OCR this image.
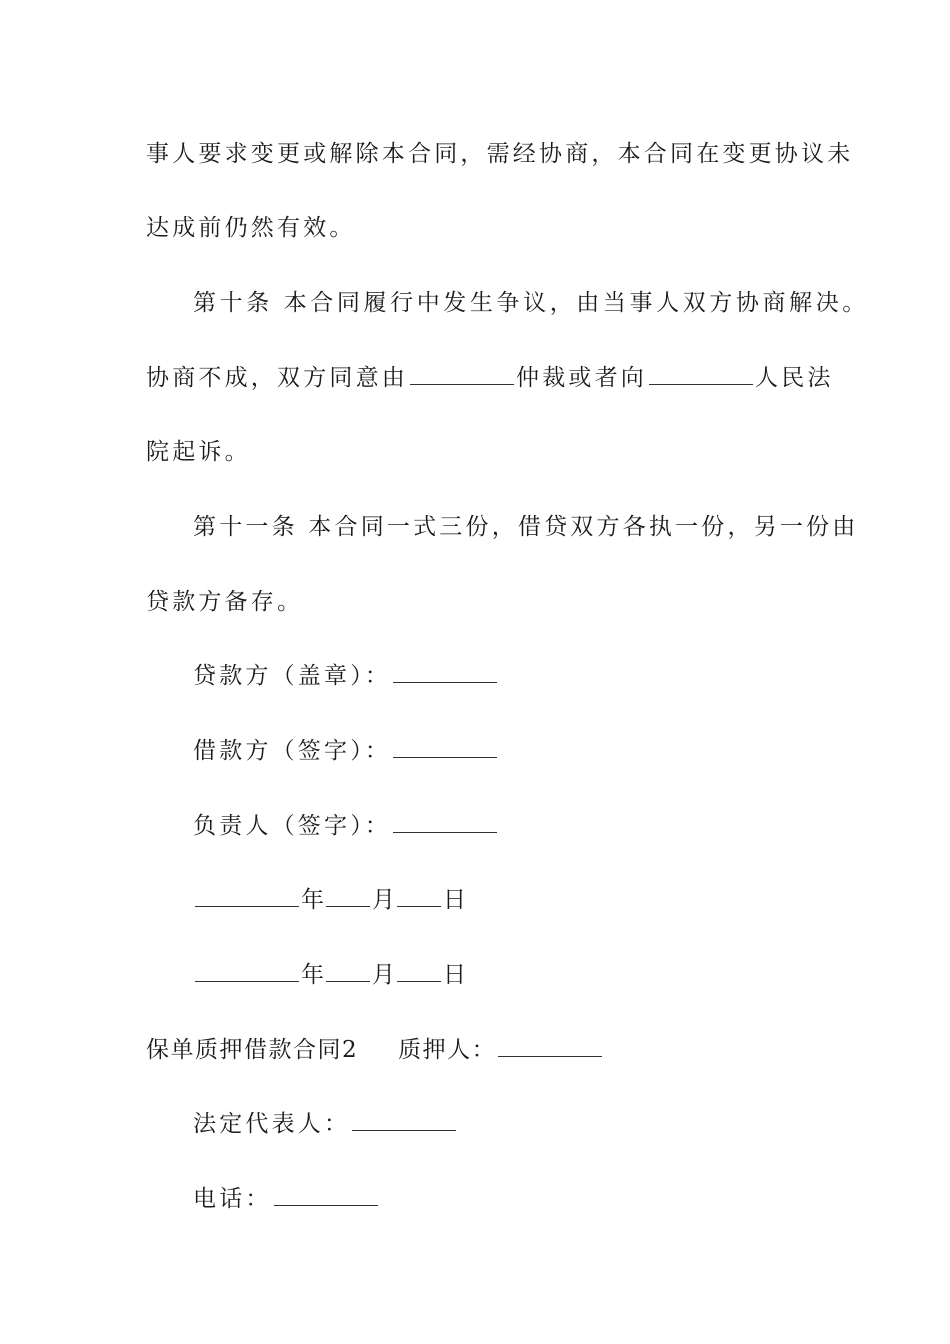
事人要求变更或解除本合同，需经协商，本合同在变更协议未
达成前仍然有效。
第十条 本合同履行中发生争议，由当事人双方协商解决。
协商不成，双方同意由	仲裁或者向	人民法
院起诉。
第十一条 本合同一式三份，借贷双方各执一份，另一份由
贷款方备存。
贷款方（盖章）：
借款方（签字）：
负责人（签字）：
年 月 日
年 月 日
保单质押借款合同2 质押人：
法定代表人：
电话：
